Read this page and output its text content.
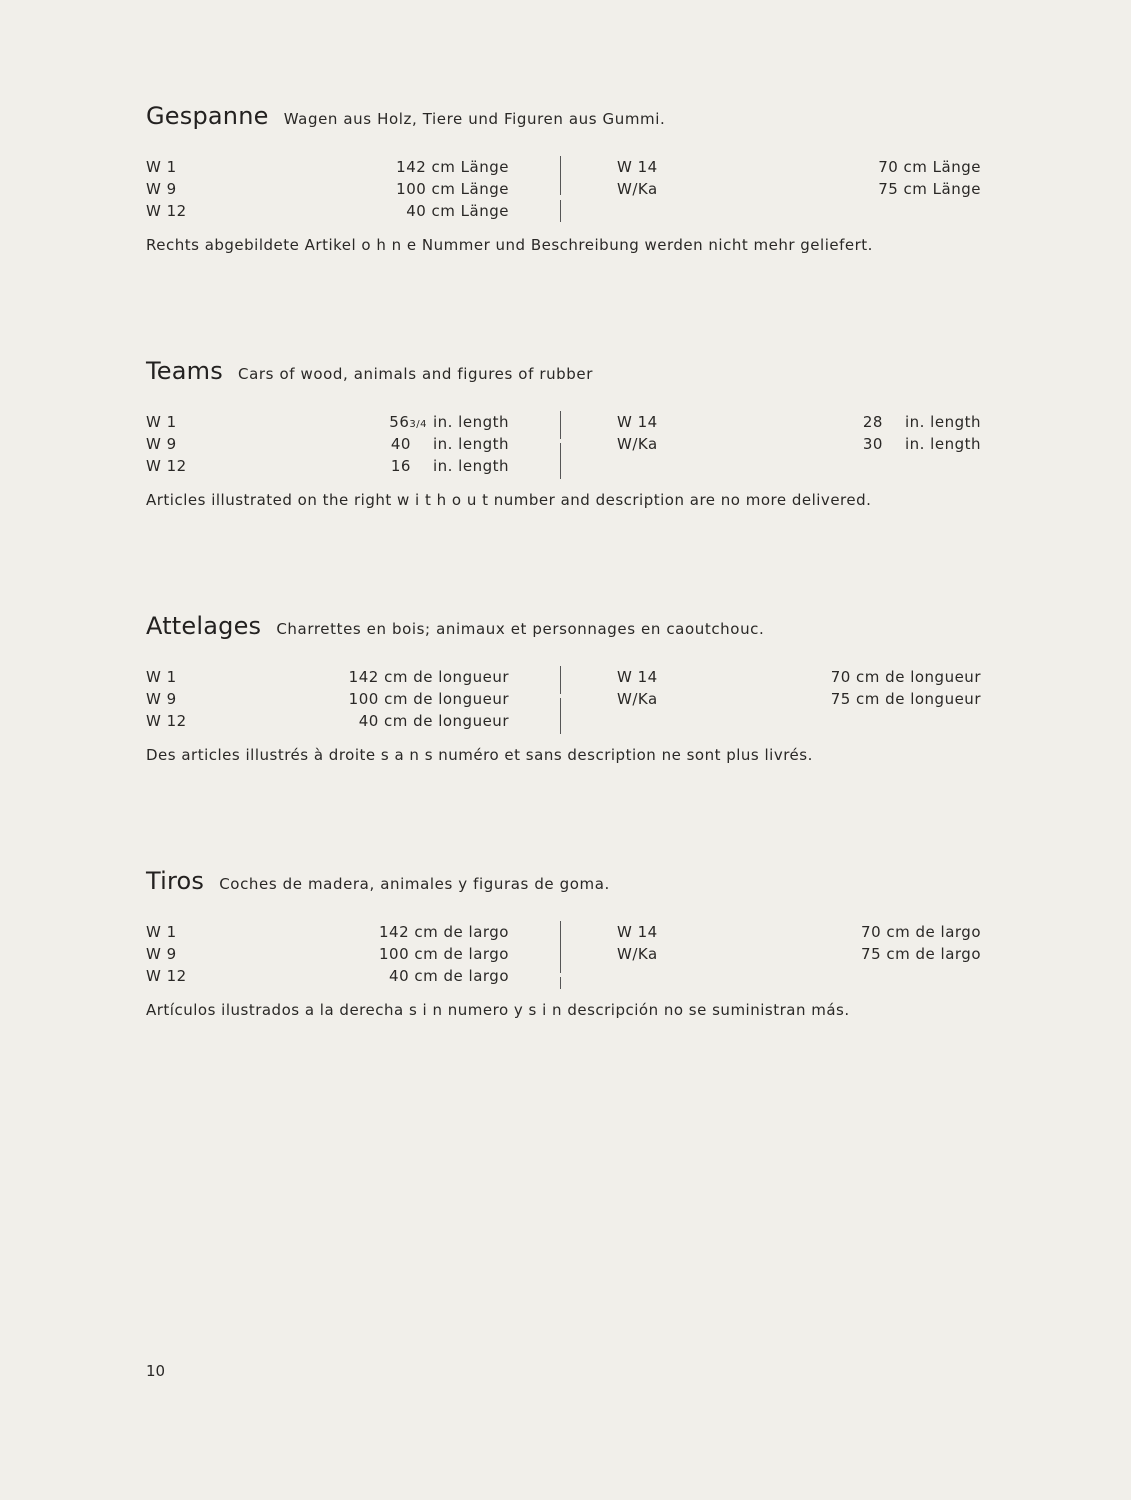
Gespanne Wagen aus Holz, Tiere und Figuren aus Gummi.
W 1	142 cm Länge	W 14	70 cm Länge
W 9	100 cm Länge	W/Ka	75 cm Länge
W 12	40 cm Länge
Rechts abgebildete Artikel o h n e Nummer und Beschreibung werden nicht mehr geliefert.
Teams Cars of wood, animals and figures of rubber
W 1	563/4 in. length	W 14	28 in. length
W 9	40 in. length	W/Ka	30 in. length
W 12	16 in. length
Articles illustrated on the right w i t h o u t number and description are no more delivered.
Attelages Charrettes en bois; animaux et personnages en caoutchouc.
W 1	142 cm de longueur	W 14	70 cm de longueur
W 9	100 cm de longueur	W/Ka	75 cm de longueur
W 12	40 cm de longueur
Des articles illustrés à droite s a n s numéro et sans description ne sont plus livrés.
Tiros Coches de madera, animales y figuras de goma.
W 1	142 cm de largo	W 14	70 cm de largo
W 9	100 cm de largo	W/Ka	75 cm de largo
W 12	40 cm de largo
Artículos ilustrados a la derecha s i n numero y s i n descripción no se suministran más.
10
